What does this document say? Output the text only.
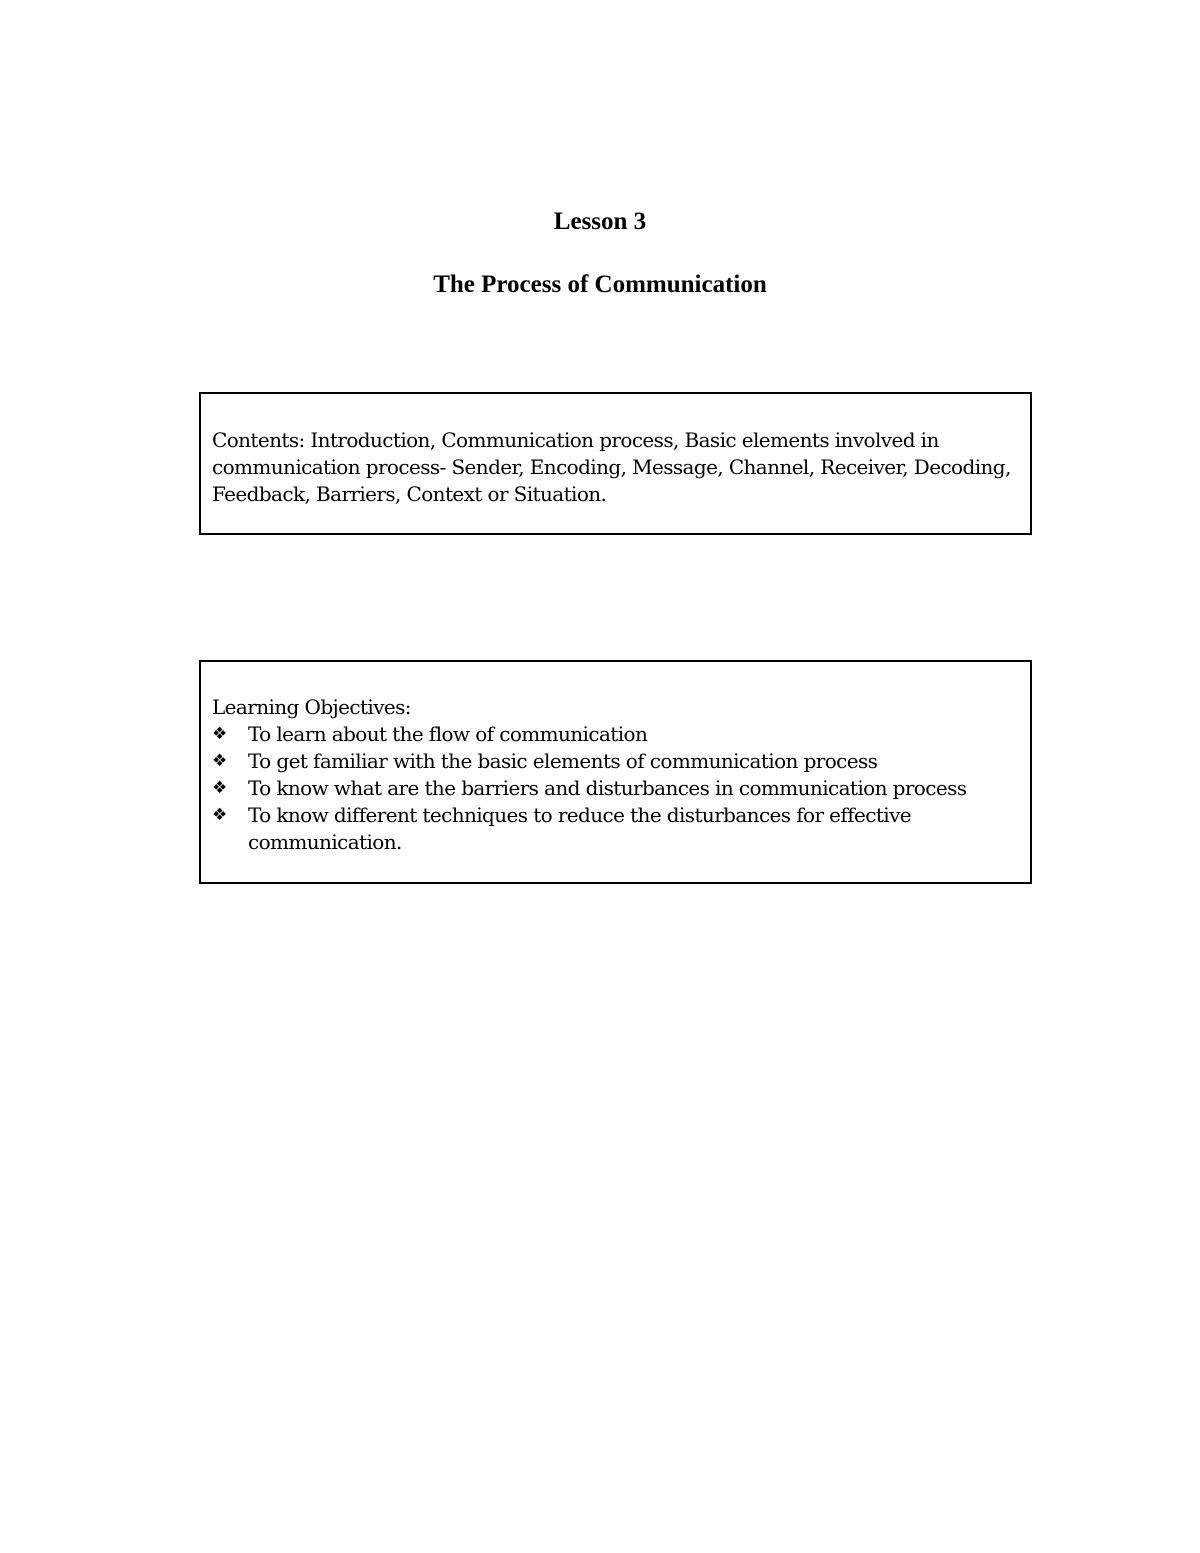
Lesson 3
The Process of Communication

Contents: Introduction, Communication process, Basic elements involved in communication process- Sender, Encoding, Message, Channel, Receiver, Decoding, Feedback, Barriers, Context or Situation.

Learning Objectives:

❖ To learn about the flow of communication
❖ To get familiar with the basic elements of communication process
❖ To know what are the barriers and disturbances in communication process
❖ To know different techniques to reduce the disturbances for effective communication.
